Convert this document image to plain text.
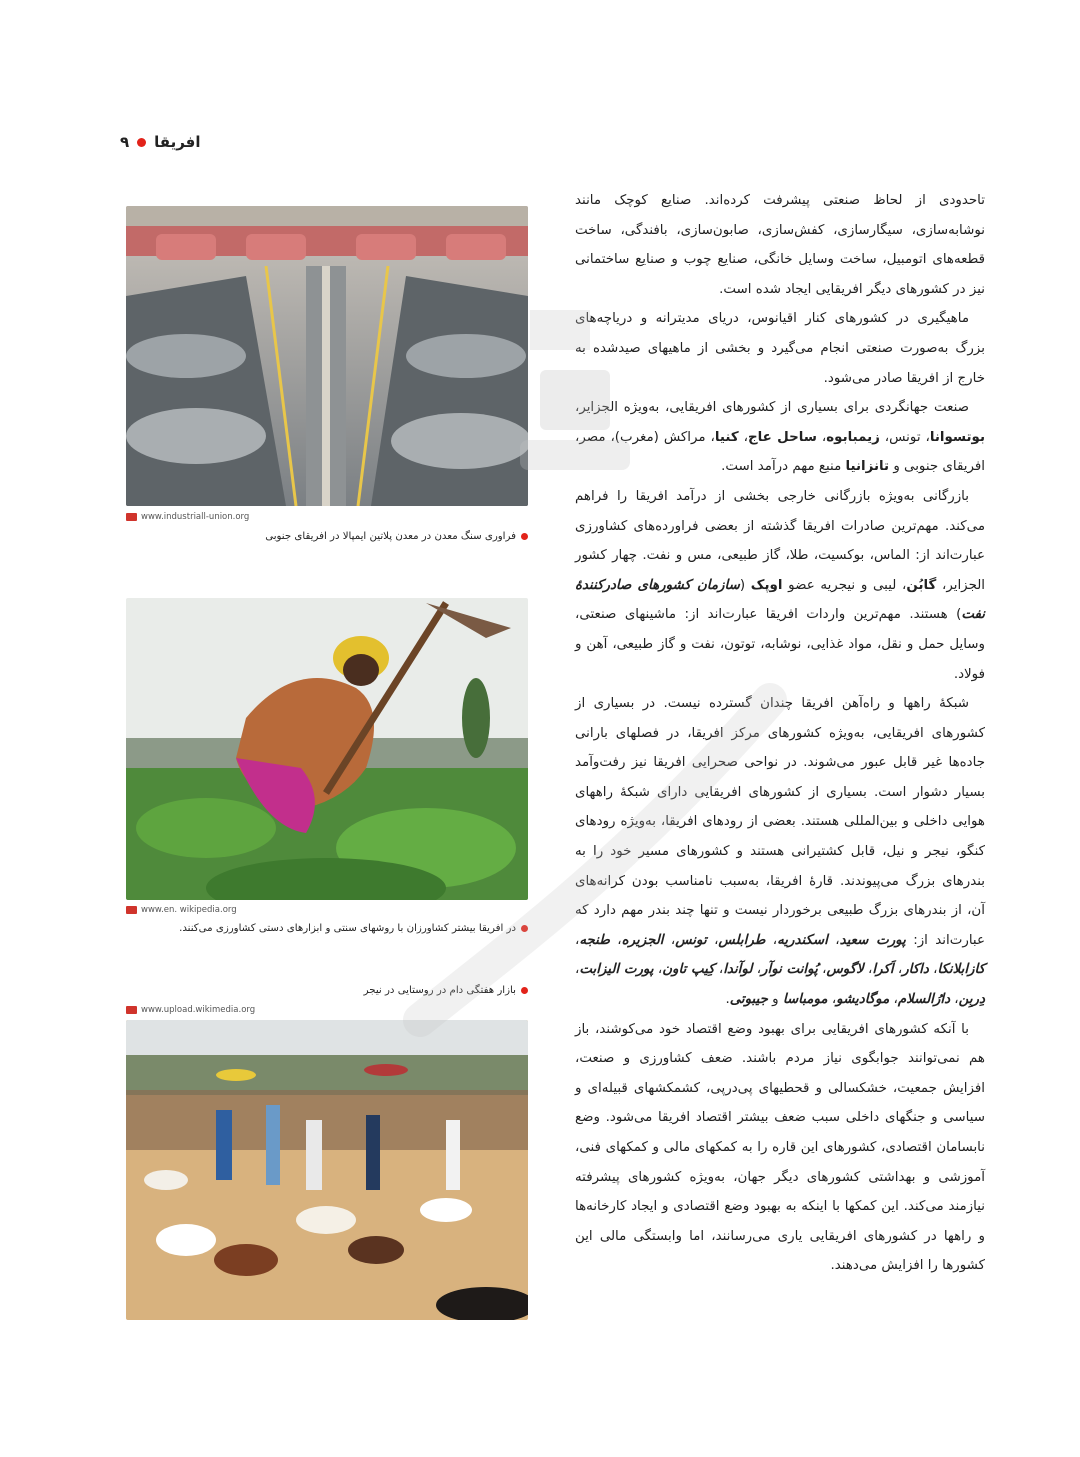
افریقا
۹

تاحدودی از لحاظ صنعتی پیشرفت کرده‌اند. صنایع کوچک مانند نوشابه‌سازی، سیگارسازی، کفش‌سازی، صابون‌سازی، بافندگی، ساخت قطعه‌های اتومبیل، ساخت وسایل خانگی، صنایع چوب و صنایع ساختمانی نیز در کشورهای دیگر افریقایی ایجاد شده است.

ماهیگیری در کشورهای کنار اقیانوس، دریای مدیترانه و دریاچه‌های بزرگ به‌صورت صنعتی انجام می‌گیرد و بخشی از ماهیهای صیدشده به خارج از افریقا صادر می‌شود.

صنعت جهانگردی برای بسیاری از کشورهای افریقایی، به‌ویژه الجزایر، بوتسوانا، تونس، زیمبابوه، ساحل عاج، کنیا، مراکش (مغرب)، مصر، افریقای جنوبی و تانزانیا منبع مهم درآمد است.

بازرگانی به‌ویژه بازرگانی خارجی بخشی از درآمد افریقا را فراهم می‌کند. مهم‌ترین صادرات افریقا گذشته از بعضی فراورده‌های کشاورزی عبارت‌اند از: الماس، بوکسیت، طلا، گاز طبیعی، مس و نفت. چهار کشور الجزایر، گابُن، لیبی و نیجریه عضو اوپک (سازمان کشورهای صادرکنندۀ نفت) هستند. مهم‌ترین واردات افریقا عبارت‌اند از: ماشینهای صنعتی، وسایل حمل و نقل، مواد غذایی، نوشابه، توتون، نفت و گاز طبیعی، آهن و فولاد.

شبکۀ راهها و راه‌آهن افریقا چندان گسترده نیست. در بسیاری از کشورهای افریقایی، به‌ویژه کشورهای مرکز افریقا، در فصلهای بارانی جاده‌ها غیر قابل عبور می‌شوند. در نواحی صحرایی افریقا نیز رفت‌وآمد بسیار دشوار است. بسیاری از کشورهای افریقایی دارای شبکۀ راههای هوایی داخلی و بین‌المللی هستند. بعضی از رودهای افریقا، به‌ویژه رودهای کنگو، نیجر و نیل، قابل کشتیرانی هستند و کشورهای مسیر خود را به بندرهای بزرگ می‌پیوندند. قارۀ افریقا، به‌سبب نامناسب بودن کرانه‌های آن، از بندرهای بزرگ طبیعی برخوردار نیست و تنها چند بندر مهم دارد که عبارت‌اند از: پورت سعید، اسکندریه، طرابلس، تونس، الجزیره، طنجه، کازابلانکا، داکار، اَکرا، لاگوس، پُوانت نوآر، لوآندا، کِیپ تاون، پورت الیزابت، دِربِن، دارُالسلام، موگادیشو، مومباسا و جیبوتی.

با آنکه کشورهای افریقایی برای بهبود وضع اقتصاد خود می‌کوشند، باز هم نمی‌توانند جوابگوی نیاز مردم باشند. ضعف کشاورزی و صنعت، افزایش جمعیت، خشکسالی و قحطیهای پی‌درپی، کشمکشهای قبیله‌ای و سیاسی و جنگهای داخلی سبب ضعف بیشتر اقتصاد افریقا می‌شود. وضع نابسامان اقتصادی، کشورهای این قاره را به کمکهای مالی و کمکهای فنی، آموزشی و بهداشتی کشورهای دیگر جهان، به‌ویژه کشورهای پیشرفته نیازمند می‌کند. این کمکها با اینکه به بهبود وضع اقتصادی و ایجاد کارخانه‌ها و راهها در کشورهای افریقایی یاری می‌رسانند، اما وابستگی مالی این کشورها را افزایش می‌دهند.

www.industriall-union.org
فراوری سنگ معدن در معدن پلاتین ایمپالا در افریقای جنوبی
www.en. wikipedia.org
در افریقا بیشتر کشاورزان با روشهای سنتی و ابزارهای دستی کشاورزی می‌کنند.
بازار هفتگی دام در روستایی در نیجر
www.upload.wikimedia.org
